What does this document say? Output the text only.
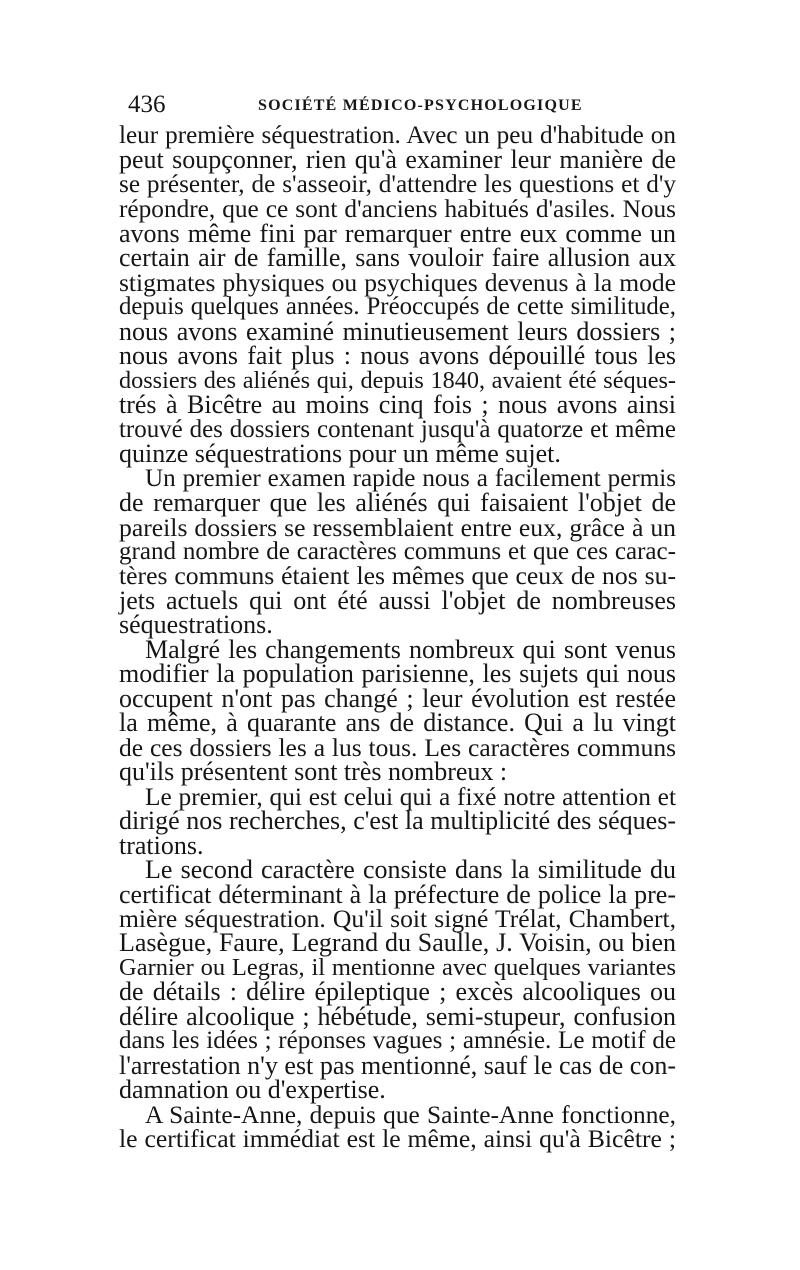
436	SOCIÉTÉ MÉDICO-PSYCHOLOGIQUE
leur première séquestration. Avec un peu d'habitude on
peut soupçonner, rien qu'à examiner leur manière de
se présenter, de s'asseoir, d'attendre les questions et d'y
répondre, que ce sont d'anciens habitués d'asiles. Nous
avons même fini par remarquer entre eux comme un
certain air de famille, sans vouloir faire allusion aux
stigmates physiques ou psychiques devenus à la mode
depuis quelques années. Préoccupés de cette similitude,
nous avons examiné minutieusement leurs dossiers ;
nous avons fait plus : nous avons dépouillé tous les
dossiers des aliénés qui, depuis 1840, avaient été séques-
trés à Bicêtre au moins cinq fois ; nous avons ainsi
trouvé des dossiers contenant jusqu'à quatorze et même
quinze séquestrations pour un même sujet.
Un premier examen rapide nous a facilement permis
de remarquer que les aliénés qui faisaient l'objet de
pareils dossiers se ressemblaient entre eux, grâce à un
grand nombre de caractères communs et que ces carac-
tères communs étaient les mêmes que ceux de nos su-
jets actuels qui ont été aussi l'objet de nombreuses
séquestrations.
Malgré les changements nombreux qui sont venus
modifier la population parisienne, les sujets qui nous
occupent n'ont pas changé ; leur évolution est restée
la même, à quarante ans de distance. Qui a lu vingt
de ces dossiers les a lus tous. Les caractères communs
qu'ils présentent sont très nombreux :
Le premier, qui est celui qui a fixé notre attention et
dirigé nos recherches, c'est la multiplicité des séques-
trations.
Le second caractère consiste dans la similitude du
certificat déterminant à la préfecture de police la pre-
mière séquestration. Qu'il soit signé Trélat, Chambert,
Lasègue, Faure, Legrand du Saulle, J. Voisin, ou bien
Garnier ou Legras, il mentionne avec quelques variantes
de détails : délire épileptique ; excès alcooliques ou
délire alcoolique ; hébétude, semi-stupeur, confusion
dans les idées ; réponses vagues ; amnésie. Le motif de
l'arrestation n'y est pas mentionné, sauf le cas de con-
damnation ou d'expertise.
A Sainte-Anne, depuis que Sainte-Anne fonctionne,
le certificat immédiat est le même, ainsi qu'à Bicêtre ;
